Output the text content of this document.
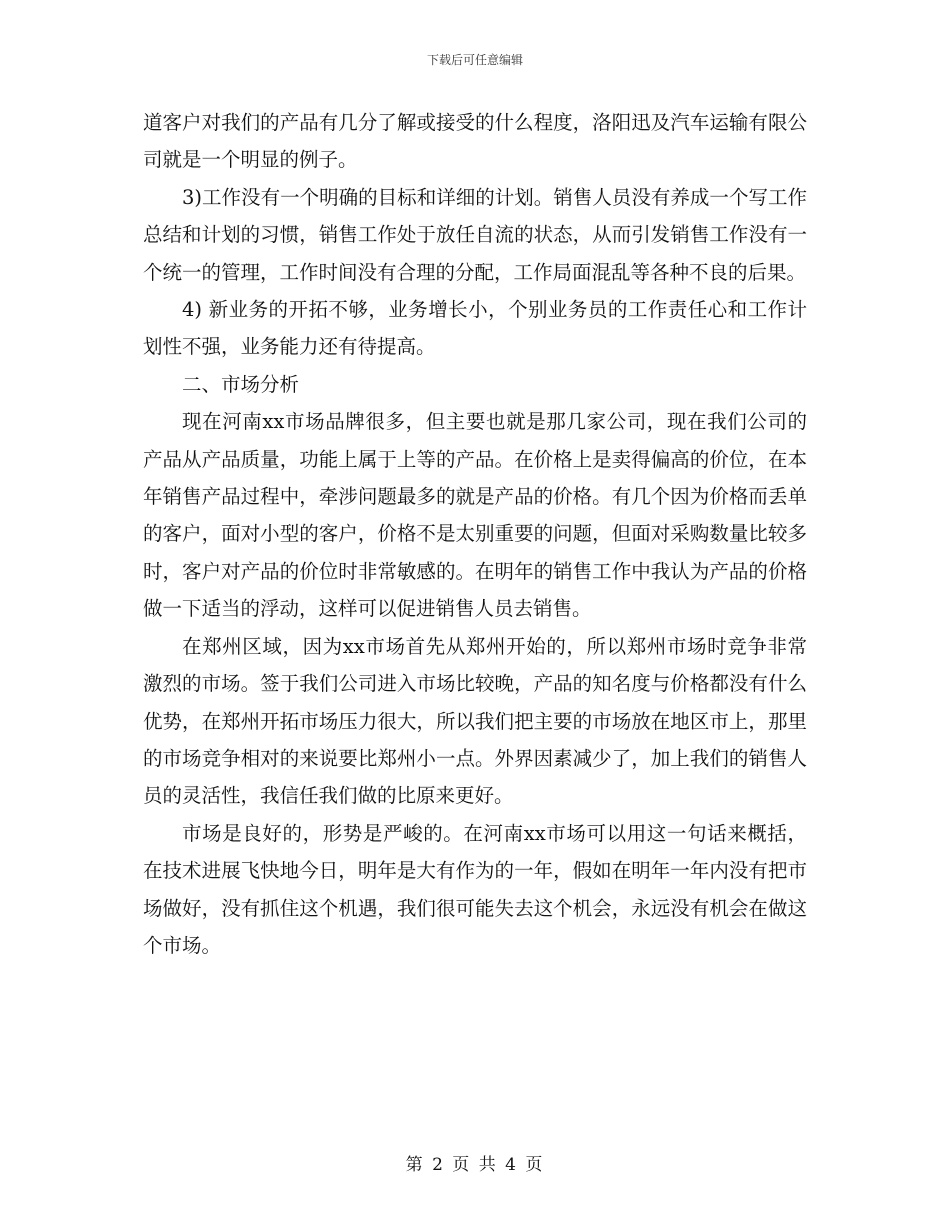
下载后可任意编辑

道客户对我们的产品有几分了解或接受的什么程度，洛阳迅及汽车运输有限公司就是一个明显的例子。

3)工作没有一个明确的目标和详细的计划。销售人员没有养成一个写工作总结和计划的习惯，销售工作处于放任自流的状态，从而引发销售工作没有一个统一的管理，工作时间没有合理的分配，工作局面混乱等各种不良的后果。

4) 新业务的开拓不够，业务增长小，个别业务员的工作责任心和工作计划性不强，业务能力还有待提高。

二、市场分析

现在河南xx市场品牌很多，但主要也就是那几家公司，现在我们公司的产品从产品质量，功能上属于上等的产品。在价格上是卖得偏高的价位，在本年销售产品过程中，牵涉问题最多的就是产品的价格。有几个因为价格而丢单的客户，面对小型的客户，价格不是太别重要的问题，但面对采购数量比较多时，客户对产品的价位时非常敏感的。在明年的销售工作中我认为产品的价格做一下适当的浮动，这样可以促进销售人员去销售。

在郑州区域，因为xx市场首先从郑州开始的，所以郑州市场时竞争非常激烈的市场。签于我们公司进入市场比较晚，产品的知名度与价格都没有什么优势，在郑州开拓市场压力很大，所以我们把主要的市场放在地区市上，那里的市场竞争相对的来说要比郑州小一点。外界因素减少了，加上我们的销售人员的灵活性，我信任我们做的比原来更好。

市场是良好的，形势是严峻的。在河南xx市场可以用这一句话来概括，在技术进展飞快地今日，明年是大有作为的一年，假如在明年一年内没有把市场做好，没有抓住这个机遇，我们很可能失去这个机会，永远没有机会在做这个市场。

第 2 页 共 4 页
